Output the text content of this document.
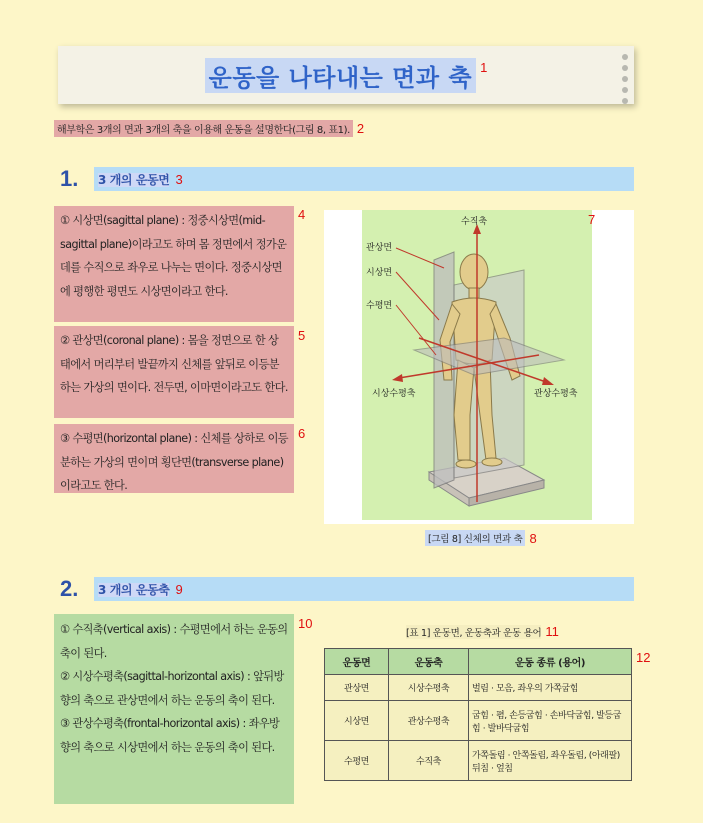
운동을 나타내는 면과 축 1
해부학은 3개의 면과 3개의 축을 이용해 운동을 설명한다(그림 8, 표1). 2
1.	3 개의 운동면 3
① 시상면(sagittal plane) : 정중시상면(mid-sagittal plane)이라고도 하며 몸 정면에서 정가운데를 수직으로 좌우로 나누는 면이다. 정중시상면에 평행한 평면도 시상면이라고 한다.
4
② 관상면(coronal plane) : 몸을 정면으로 한 상태에서 머리부터 발끝까지 신체를 앞뒤로 이등분하는 가상의 면이다. 전두면, 이마면이라고도 한다.
5
③ 수평면(horizontal plane) : 신체를 상하로 이등분하는 가상의 면이며 횡단면(transverse plane)이라고도 한다.
6
수직축
관상면
시상면
수평면
시상수평축	관상수평축
7
[그림 8] 신체의 면과 축 8
2.	3 개의 운동축 9
① 수직축(vertical axis) : 수평면에서 하는 운동의 축이 된다.
② 시상수평축(sagittal-horizontal axis) : 앞뒤방향의 축으로 관상면에서 하는 운동의 축이 된다.
③ 관상수평축(frontal-horizontal axis) : 좌우방향의 축으로 시상면에서 하는 운동의 축이 된다.
10
[표 1] 운동면, 운동축과 운동 용어 11
12
운동면	운동축	운동 종류 (용어)
관상면	시상수평축	벌림 · 모음, 좌우의 가쪽굽힘
시상면	관상수평축	굽힘 · 폄, 손등굽힘 · 손바닥굽힘, 발등굽힘 · 발바닥굽힘
수평면	수직축	가쪽돌림 · 안쪽돌림, 좌우돌림, (아래팔) 뒤침 · 엎침
